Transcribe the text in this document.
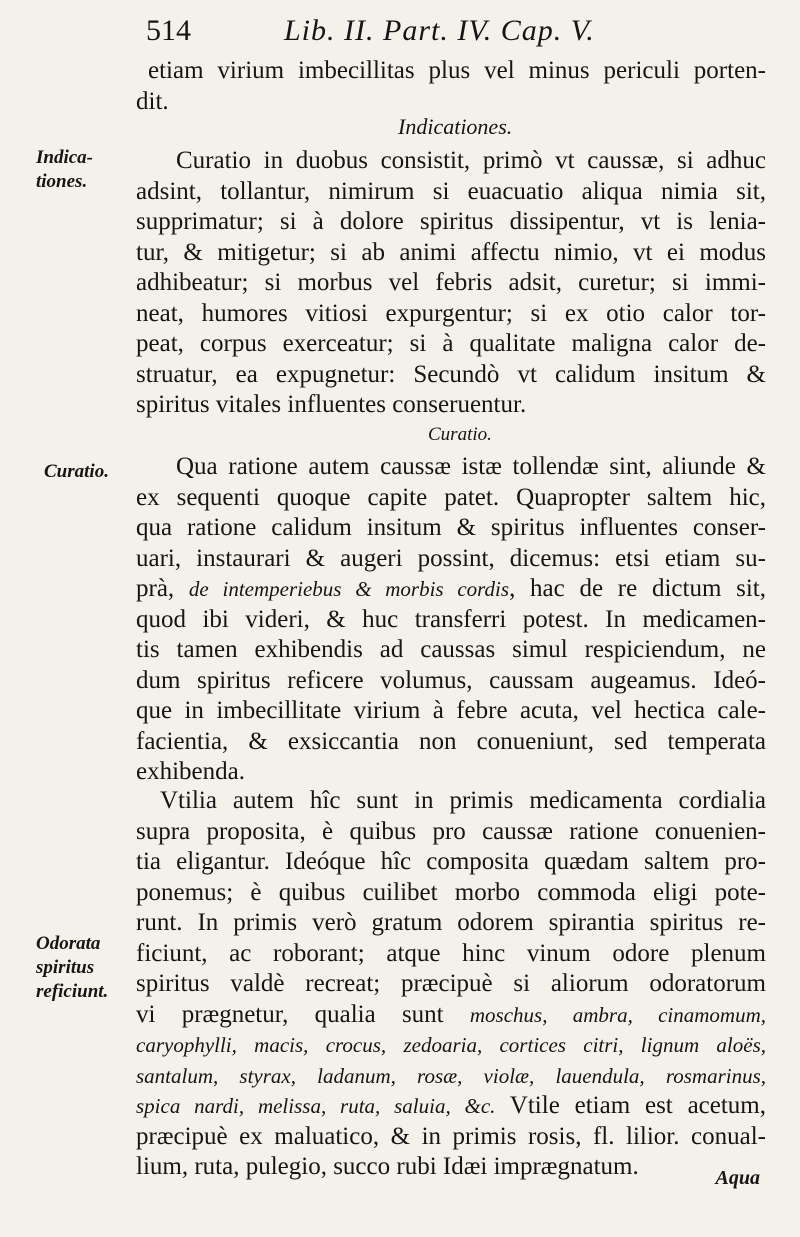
514	Lib. II. Part. IV. Cap. V.
etiam virium imbecillitas plus vel minus periculi porten-
dit.
Indicationes.
Indica-
tiones.
Curatio in duobus consistit, primò vt caussæ, si adhuc
adsint, tollantur, nimirum si euacuatio aliqua nimia sit,
supprimatur; si à dolore spiritus dissipentur, vt is lenia-
tur, & mitigetur; si ab animi affectu nimio, vt ei modus
adhibeatur; si morbus vel febris adsit, curetur; si immi-
neat, humores vitiosi expurgentur; si ex otio calor tor-
peat, corpus exerceatur; si à qualitate maligna calor de-
struatur, ea expugnetur: Secundò vt calidum insitum &
spiritus vitales influentes conseruentur.
Curatio.
Curatio.	Qua ratione autem caussæ istæ tollendæ sint, aliunde &
ex sequenti quoque capite patet. Quapropter saltem hic,
qua ratione calidum insitum & spiritus influentes conser-
uari, instaurari & augeri possint, dicemus: etsi etiam su-
prà, de intemperiebus & morbis cordis, hac de re dictum sit,
quod ibi videri, & huc transferri potest. In medicamen-
tis tamen exhibendis ad caussas simul respiciendum, ne
dum spiritus reficere volumus, caussam augeamus. Ideó-
que in imbecillitate virium à febre acuta, vel hectica cale-
facientia, & exsiccantia non conueniunt, sed temperata
exhibenda.
Odorata
spiritus
reficiunt.
Vtilia autem hîc sunt in primis medicamenta cordialia
supra proposita, è quibus pro caussæ ratione conuenien-
tia eligantur. Ideóque hîc composita quædam saltem pro-
ponemus; è quibus cuilibet morbo commoda eligi pote-
runt. In primis verò gratum odorem spirantia spiritus re-
ficiunt, ac roborant; atque hinc vinum odore plenum
spiritus valdè recreat; præcipuè si aliorum odoratorum
vi prægnetur, qualia sunt moschus, ambra, cinamomum,
caryophylli, macis, crocus, zedoaria, cortices citri, lignum aloës,
santalum, styrax, ladanum, rosæ, violæ, lauendula, rosmarinus,
spica nardi, melissa, ruta, saluia, &c. Vtile etiam est acetum,
præcipuè ex maluatico, & in primis rosis, fl. lilior. conual-
lium, ruta, pulegio, succo rubi Idæi imprægnatum.	Aqua
